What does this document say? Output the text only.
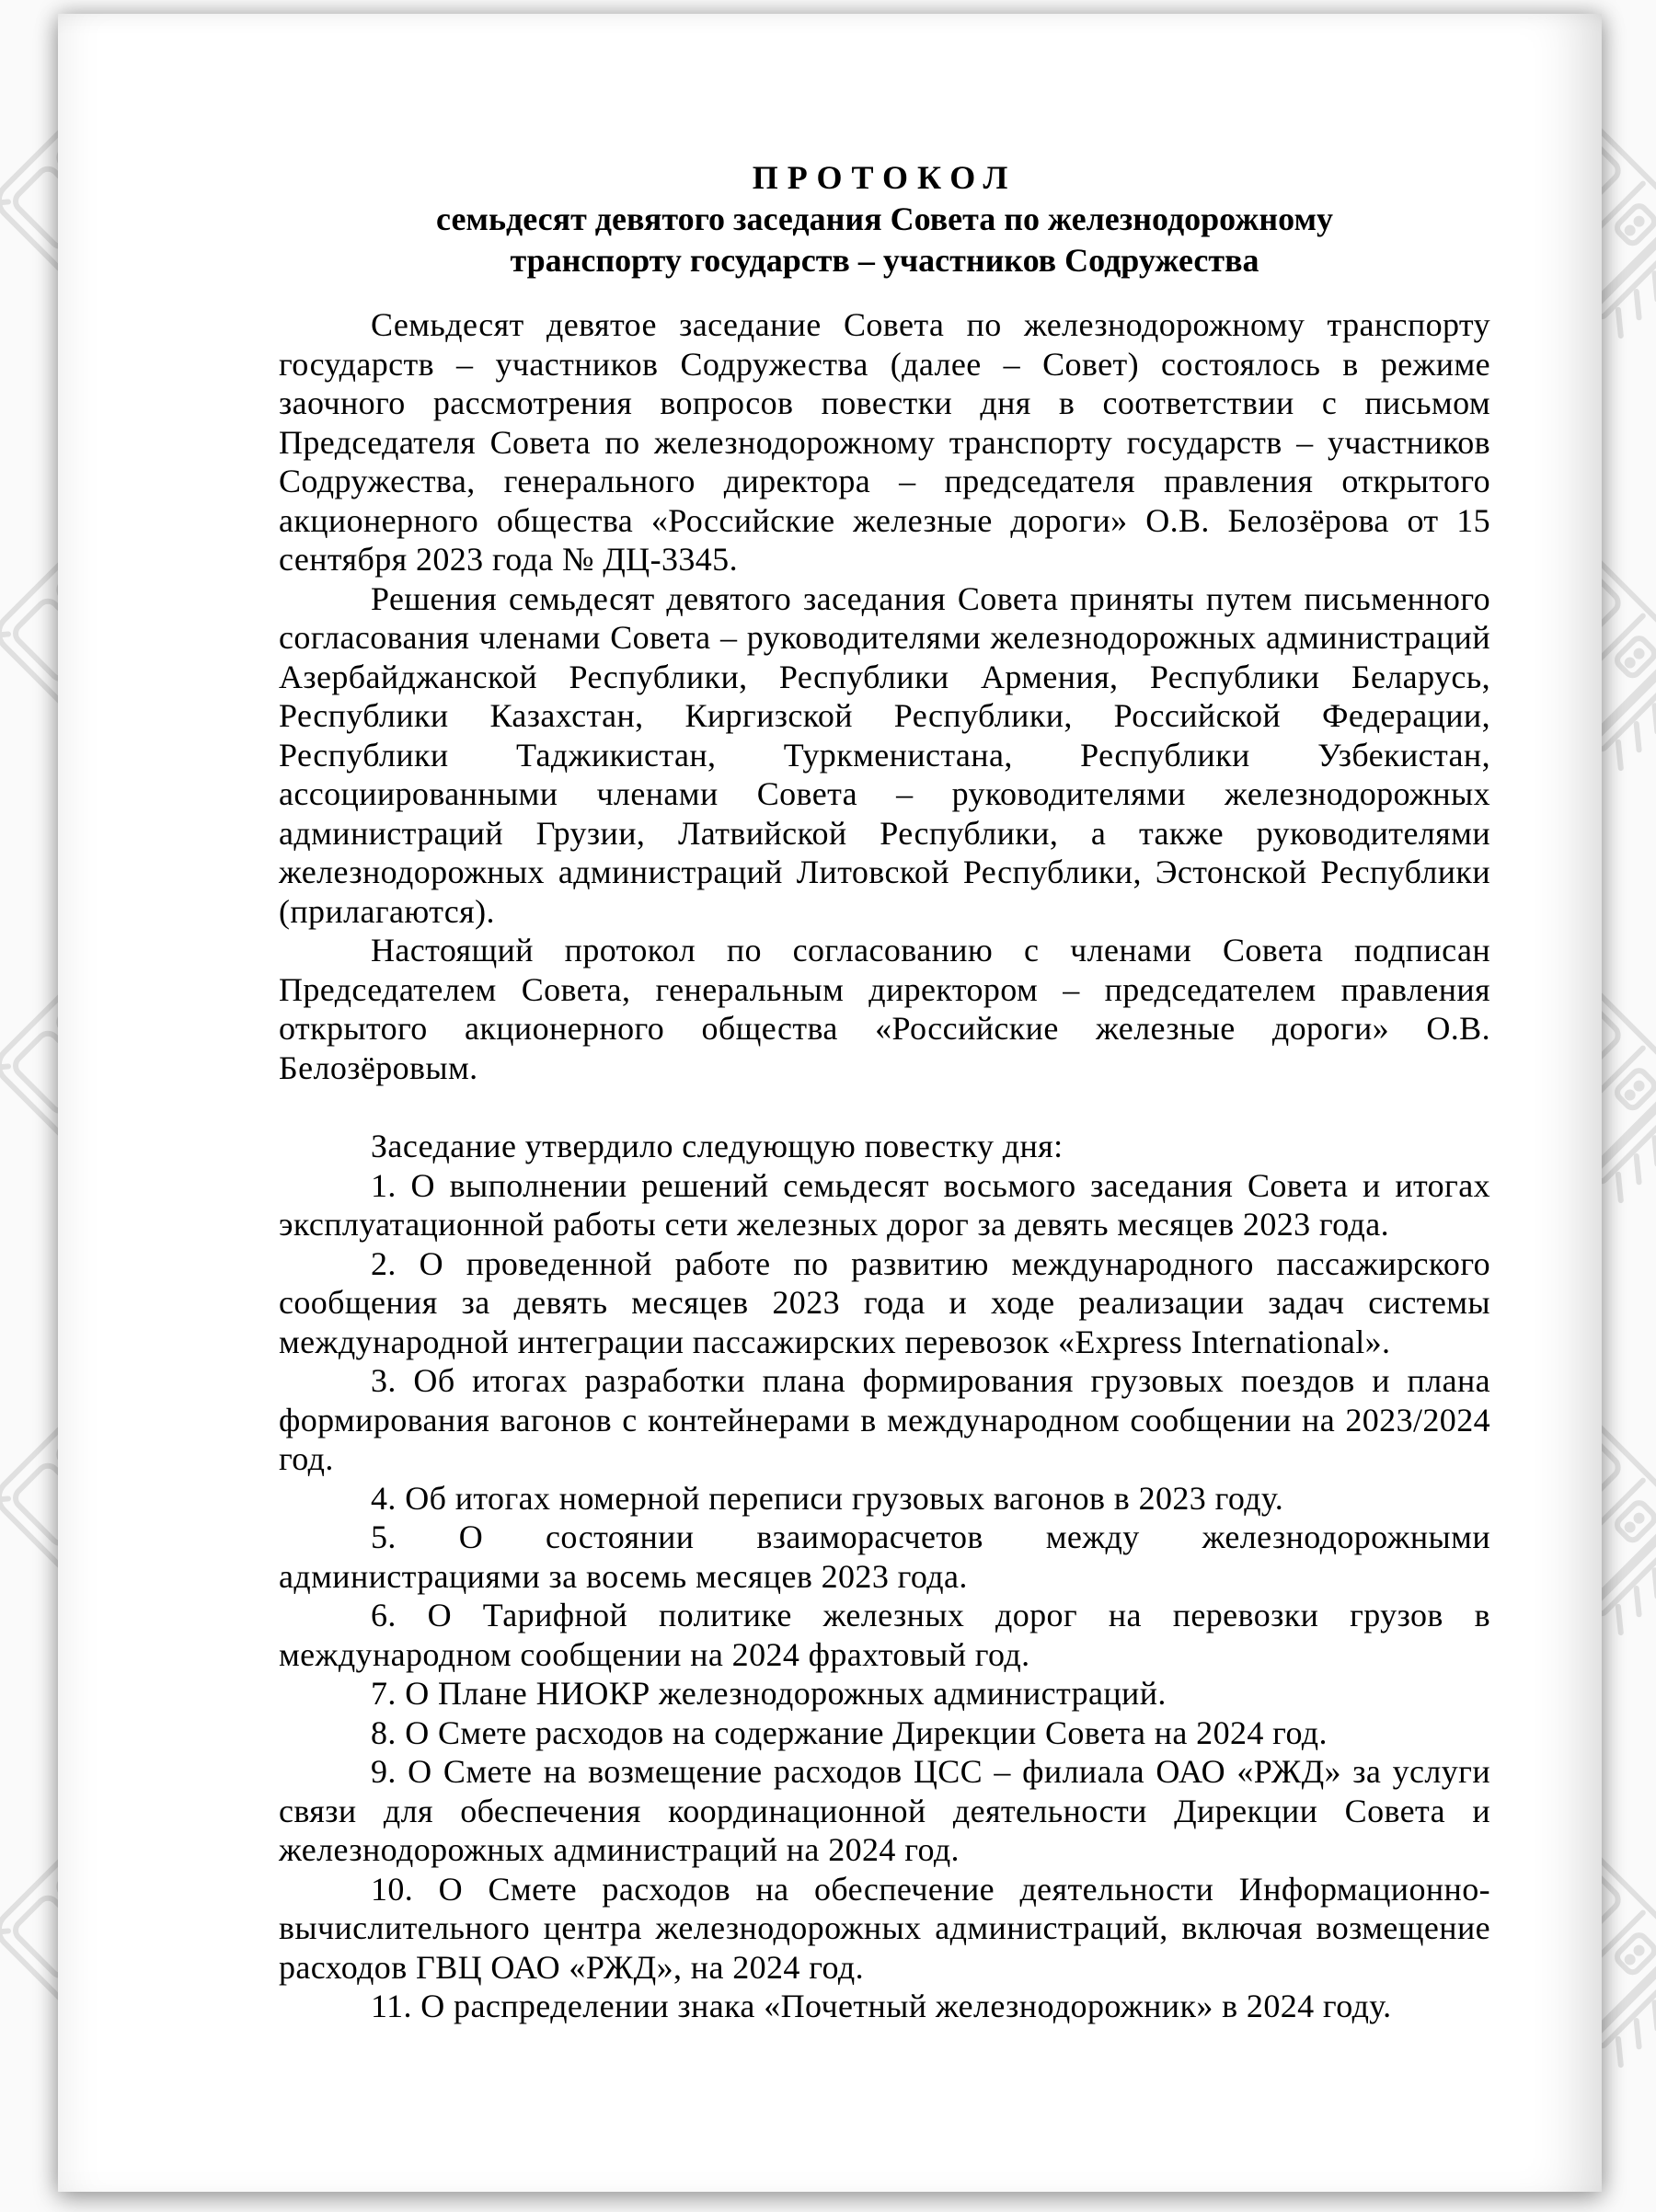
ПРОТОКОЛ

семьдесят девятого заседания Совета по железнодорожному
транспорту государств – участников Содружества

Семьдесят девятое заседание Совета по железнодорожному транспорту государств – участников Содружества (далее – Совет) состоялось в режиме заочного рассмотрения вопросов повестки дня в соответствии с письмом Председателя Совета по железнодорожному транспорту государств – участников Содружества, генерального директора – председателя правления открытого акционерного общества «Российские железные дороги» О.В. Белозёрова от 15 сентября 2023 года № ДЦ-3345.

Решения семьдесят девятого заседания Совета приняты путем письменного согласования членами Совета – руководителями железнодорожных администраций Азербайджанской Республики, Республики Армения, Республики Беларусь, Республики Казахстан, Киргизской Республики, Российской Федерации, Республики Таджикистан, Туркменистана, Республики Узбекистан, ассоциированными членами Совета – руководителями железнодорожных администраций Грузии, Латвийской Республики, а также руководителями железнодорожных администраций Литовской Республики, Эстонской Республики (прилагаются).

Настоящий протокол по согласованию с членами Совета подписан Председателем Совета, генеральным директором – председателем правления открытого акционерного общества «Российские железные дороги» О.В. Белозёровым.

Заседание утвердило следующую повестку дня:

1. О выполнении решений семьдесят восьмого заседания Совета и итогах эксплуатационной работы сети железных дорог за девять месяцев 2023 года.

2. О проведенной работе по развитию международного пассажирского сообщения за девять месяцев 2023 года и ходе реализации задач системы международной интеграции пассажирских перевозок «Express International».

3. Об итогах разработки плана формирования грузовых поездов и плана формирования вагонов с контейнерами в международном сообщении на 2023/2024 год.

4. Об итогах номерной переписи грузовых вагонов в 2023 году.

5. О состоянии взаиморасчетов между железнодорожными администрациями за восемь месяцев 2023 года.

6. О Тарифной политике железных дорог на перевозки грузов в международном сообщении на 2024 фрахтовый год.

7. О Плане НИОКР железнодорожных администраций.

8. О Смете расходов на содержание Дирекции Совета на 2024 год.

9. О Смете на возмещение расходов ЦСС – филиала ОАО «РЖД» за услуги связи для обеспечения координационной деятельности Дирекции Совета и железнодорожных администраций на 2024 год.

10. О Смете расходов на обеспечение деятельности Информационно-вычислительного центра железнодорожных администраций, включая возмещение расходов ГВЦ ОАО «РЖД», на 2024 год.

11. О распределении знака «Почетный железнодорожник» в 2024 году.
